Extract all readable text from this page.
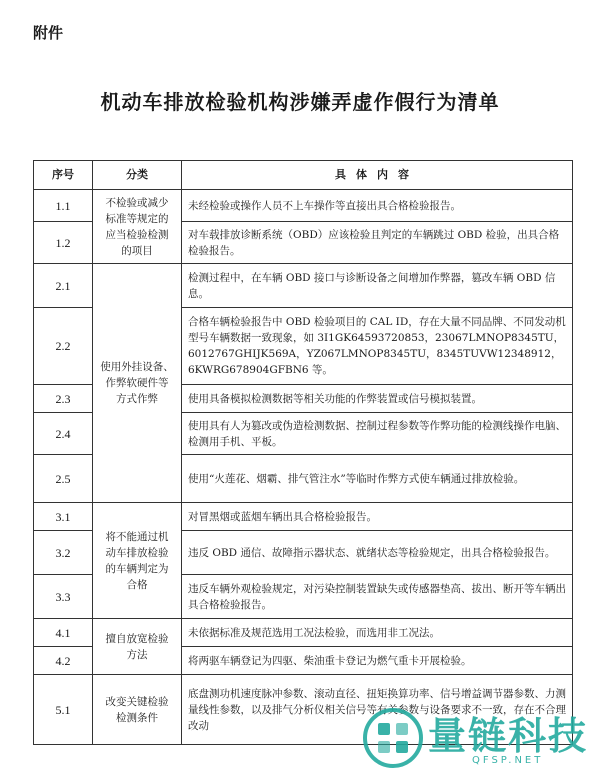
附件
机动车排放检验机构涉嫌弄虚作假行为清单
序号	分类	具体内容
1.1	不检验或减少
标准等规定的
应当检验检测
的项目	未经检验或操作人员不上车操作等直接出具合格检验报告。
1.2		对车载排放诊断系统（OBD）应该检验且判定的车辆跳过 OBD 检验，出具合格检验报告。
2.1	使用外挂设备、
作弊软硬件等
方式作弊	检测过程中，在车辆 OBD 接口与诊断设备之间增加作弊器，篡改车辆 OBD 信息。
2.2		合格车辆检验报告中 OBD 检验项目的 CAL ID，存在大量不同品牌、不同发动机型号车辆数据一致现象，如 3I1GK64593720853，23067LMNOP8345TU，6012767GHIJK569A，YZ067LMNOP8345TU，8345TUVW12348912，6KWRG678904GFBN6 等。
2.3		使用具备模拟检测数据等相关功能的作弊装置或信号模拟装置。
2.4		使用具有人为篡改或伪造检测数据、控制过程参数等作弊功能的检测线操作电脑、检测用手机、平板。
2.5		使用“火莲花、烟霸、排气管注水”等临时作弊方式使车辆通过排放检验。
3.1	将不能通过机
动车排放检验
的车辆判定为
合格	对冒黑烟或蓝烟车辆出具合格检验报告。
3.2		违反 OBD 通信、故障指示器状态、就绪状态等检验规定，出具合格检验报告。
3.3		违反车辆外观检验规定，对污染控制装置缺失或传感器垫高、拔出、断开等车辆出具合格检验报告。
4.1	擅自放宽检验
方法	未依据标准及规范选用工况法检验，而选用非工况法。
4.2		将两驱车辆登记为四驱、柴油重卡登记为燃气重卡开展检验。
5.1	改变关键检验
检测条件	底盘测功机速度脉冲参数、滚动直径、扭矩换算功率、信号增益调节器参数、力测量线性参数，以及排气分析仪相关信号等有关参数与设备要求不一致，存在不合理改动	量链科技
QFSP.NET
